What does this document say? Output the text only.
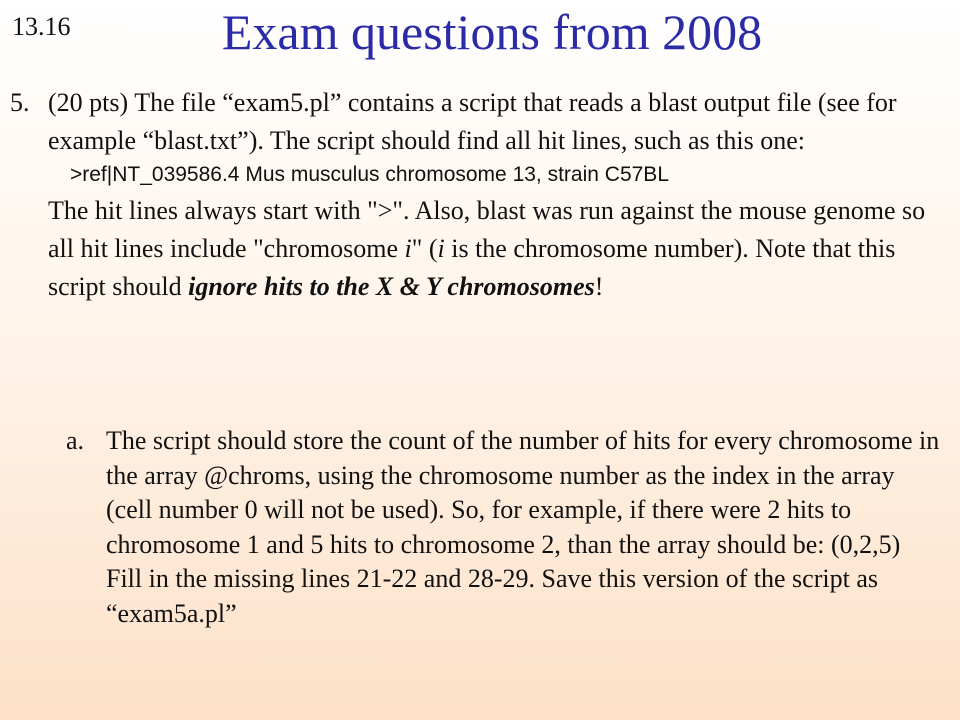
13.16	Exam questions from 2008
5. (20 pts) The file “exam5.pl” contains a script that reads a blast output file (see for example “blast.txt”). The script should find all hit lines, such as this one:
>ref|NT_039586.4 Mus musculus chromosome 13, strain C57BL
The hit lines always start with ">". Also, blast was run against the mouse genome so all hit lines include "chromosome i" (i is the chromosome number). Note that this script should ignore hits to the X & Y chromosomes!
a. The script should store the count of the number of hits for every chromosome in the array @chroms, using the chromosome number as the index in the array (cell number 0 will not be used). So, for example, if there were 2 hits to chromosome 1 and 5 hits to chromosome 2, than the array should be: (0,2,5)
Fill in the missing lines 21-22 and 28-29. Save this version of the script as “exam5a.pl”
